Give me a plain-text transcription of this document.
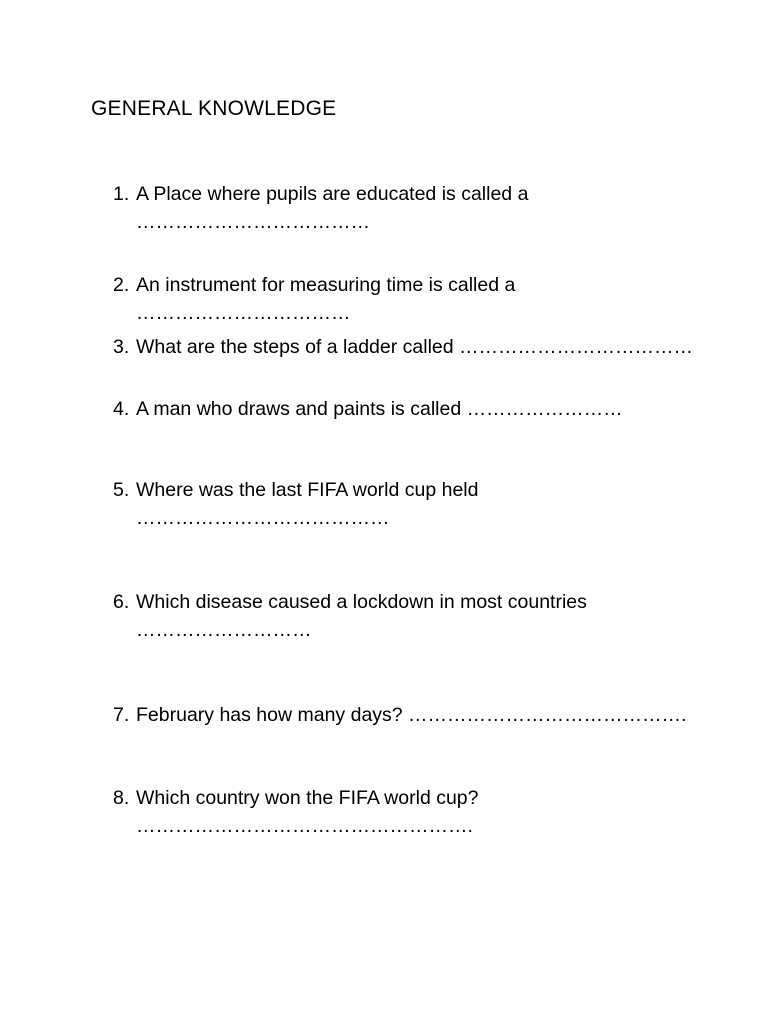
GENERAL KNOWLEDGE
1. A Place where pupils are educated is called a
………………………………
2. An instrument for measuring time is called a
……………………………
3. What are the steps of a ladder called ………………………………
4. A man who draws and paints is called ……………………
5. Where was the last FIFA world cup held
…………………………………
6. Which disease caused a lockdown in most countries
………………………
7. February has how many days? …………………………………….
8. Which country won the FIFA world cup?
…………………………………………….
